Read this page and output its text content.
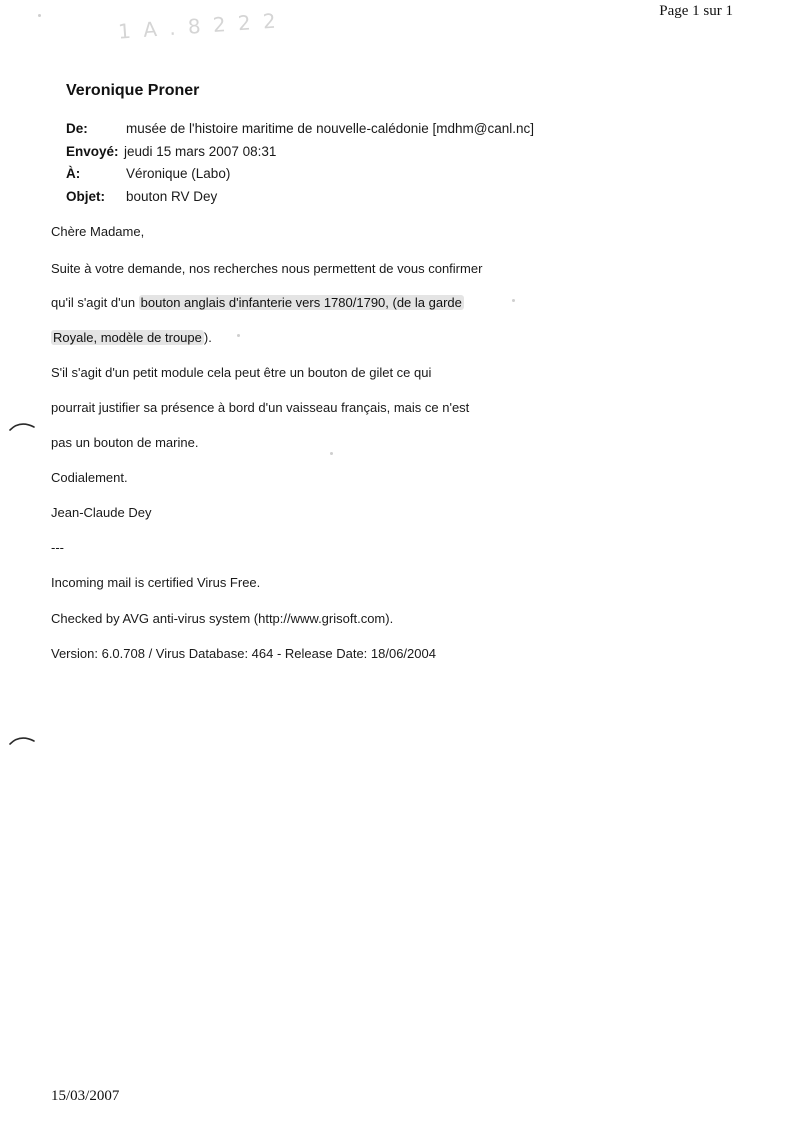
Page 1 sur 1
1 A . 8 2 2 2
Veronique Proner
De:	musée de l'histoire maritime de nouvelle-calédonie [mdhm@canl.nc]
Envoyé: jeudi 15 mars 2007 08:31
À:	Véronique (Labo)
Objet: bouton RV Dey
Chère Madame,
Suite à votre demande, nos recherches nous permettent de vous confirmer
qu'il s'agit d'un bouton anglais d'infanterie vers 1780/1790, (de la garde
Royale, modèle de troupe ).
S'il s'agit d'un petit module cela peut être un bouton de gilet ce qui
pourrait justifier sa présence à bord d'un vaisseau français, mais ce n'est
pas un bouton de marine.
Codialement.
Jean-Claude Dey
---
Incoming mail is certified Virus Free.
Checked by AVG anti-virus system (http://www.grisoft.com).
Version: 6.0.708 / Virus Database: 464 - Release Date: 18/06/2004
15/03/2007
